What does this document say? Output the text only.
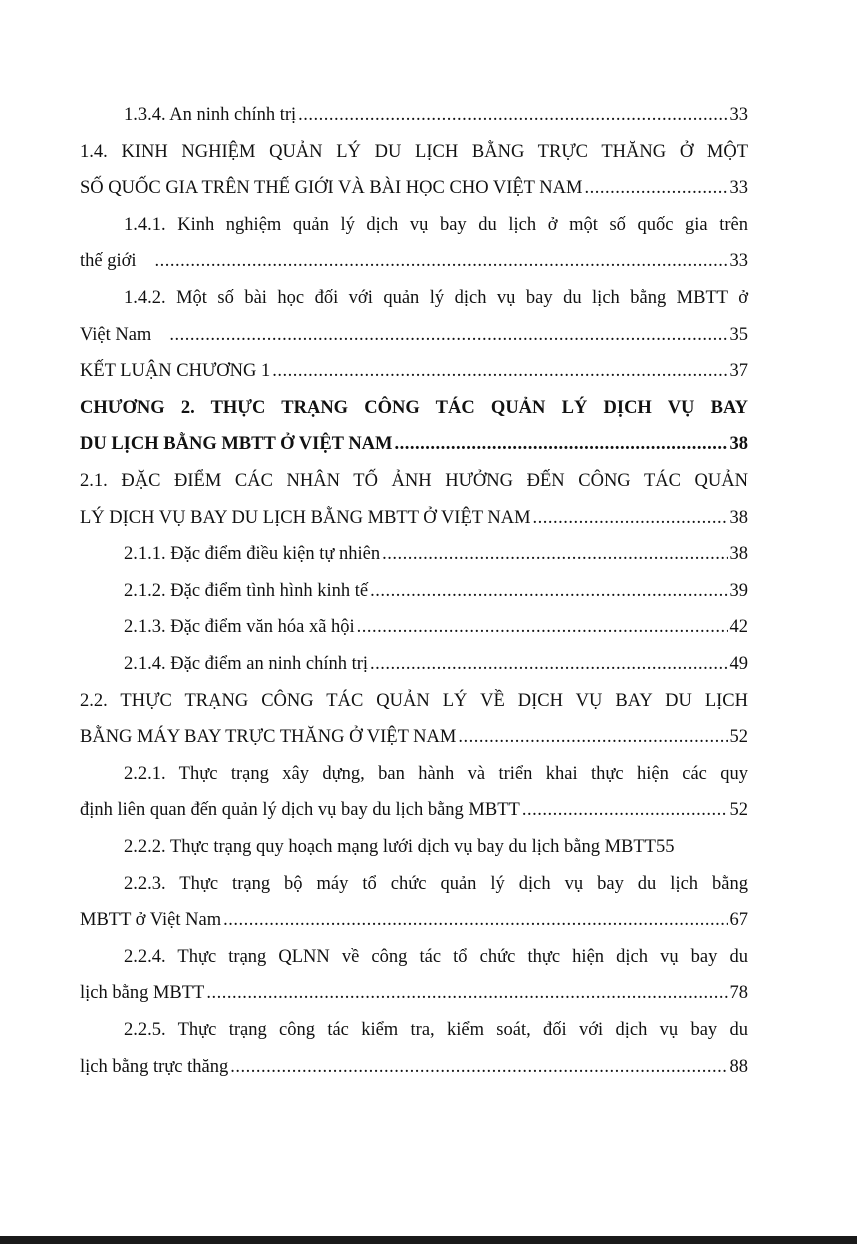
1.3.4. An ninh chính trị .....	33
1.4. KINH NGHIỆM QUẢN LÝ DU LỊCH BẰNG TRỰC THĂNG Ở MỘT
SỐ QUỐC GIA TRÊN THẾ GIỚI VÀ BÀI HỌC CHO VIỆT NAM .....	33
1.4.1. Kinh nghiệm quản lý dịch vụ bay du lịch ở một số quốc gia trên
thế giới .....	33
1.4.2. Một số bài học đối với quản lý dịch vụ bay du lịch bằng MBTT ở
Việt Nam .....	35
KẾT LUẬN CHƯƠNG 1 .....	37
CHƯƠNG 2. THỰC TRẠNG CÔNG TÁC QUẢN LÝ DỊCH VỤ BAY
DU LỊCH BẰNG MBTT Ở VIỆT NAM .....	38
2.1. ĐẶC ĐIỂM CÁC NHÂN TỐ ẢNH HƯỞNG ĐẾN CÔNG TÁC QUẢN
LÝ DỊCH VỤ BAY DU LỊCH BẰNG MBTT Ở VIỆT NAM .....	38
2.1.1. Đặc điểm điều kiện tự nhiên .....	38
2.1.2. Đặc điểm tình hình kinh tế .....	39
2.1.3. Đặc điểm văn hóa xã hội .....	42
2.1.4. Đặc điểm an ninh chính trị .....	49
2.2. THỰC TRẠNG CÔNG TÁC QUẢN LÝ VỀ DỊCH VỤ BAY DU LỊCH
BẰNG MÁY BAY TRỰC THĂNG Ở VIỆT NAM .....	52
2.2.1. Thực trạng xây dựng, ban hành và triển khai thực hiện các quy
định liên quan đến quản lý dịch vụ bay du lịch bằng MBTT .....	52
2.2.2. Thực trạng quy hoạch mạng lưới dịch vụ bay du lịch bằng MBTT55
2.2.3. Thực trạng bộ máy tổ chức quản lý dịch vụ bay du lịch bằng
MBTT ở Việt Nam .....	67
2.2.4. Thực trạng QLNN về công tác tổ chức thực hiện dịch vụ bay du
lịch bằng MBTT .....	78
2.2.5. Thực trạng công tác kiểm tra, kiểm soát, đối với dịch vụ bay du
lịch bằng trực thăng .....	88
